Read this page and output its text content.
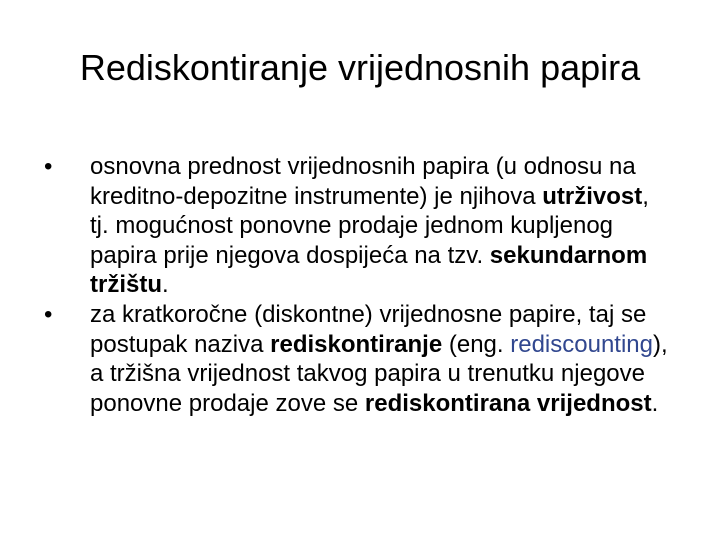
Rediskontiranje vrijednosnih papira
• osnovna prednost vrijednosnih papira (u odnosu na kreditno-depozitne instrumente) je njihova utrživost, tj. mogućnost ponovne prodaje jednom kupljenog papira prije njegova dospijeća na tzv. sekundarnom tržištu.
• za kratkoročne (diskontne) vrijednosne papire, taj se postupak naziva rediskontiranje (eng. rediscounting), a tržišna vrijednost takvog papira u trenutku njegove ponovne prodaje zove se rediskontirana vrijednost.
